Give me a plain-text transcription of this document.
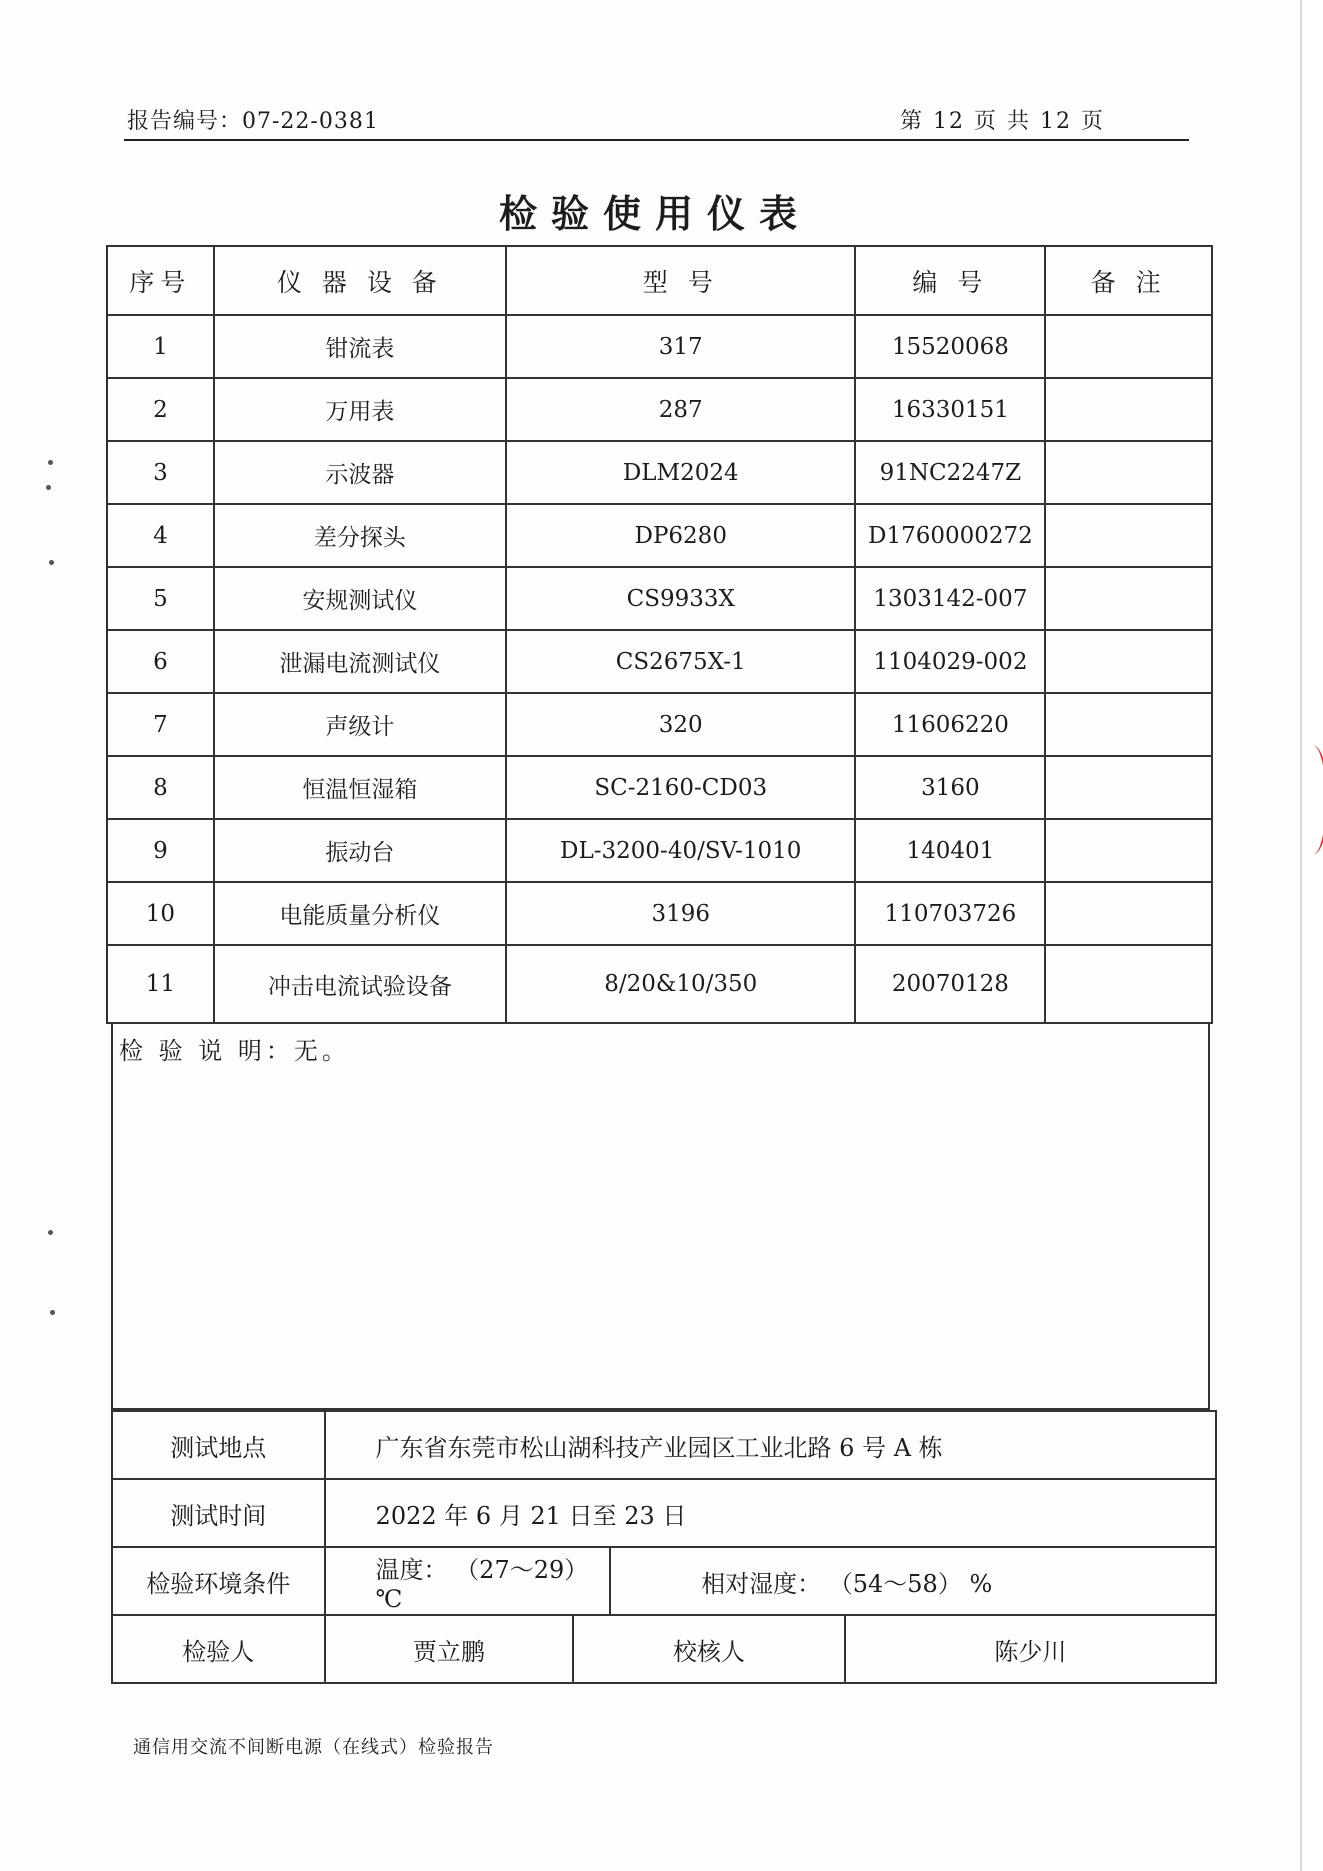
报告编号：07-22-0381	第 12 页 共 12 页
检验使用仪表
序号	仪 器 设 备	型 号	编 号	备 注
1	钳流表	317	15520068	
2	万用表	287	16330151	
3	示波器	DLM2024	91NC2247Z	
4	差分探头	DP6280	D1760000272	
5	安规测试仪	CS9933X	1303142-007	
6	泄漏电流测试仪	CS2675X-1	1104029-002	
7	声级计	320	11606220	
8	恒温恒湿箱	SC-2160-CD03	3160	
9	振动台	DL-3200-40/SV-1010	140401	
10	电能质量分析仪	3196	110703726	
11	冲击电流试验设备	8/20&10/350	20070128	
检 验 说 明：无。
测试地点	广东省东莞市松山湖科技产业园区工业北路 6 号 A 栋			
测试时间	2022 年 6 月 21 日至 23 日			
检验环境条件	温度： （27～29） ℃		相对湿度： （54～58） %	
检验人	贾立鹏	校核人		陈少川
通信用交流不间断电源（在线式）检验报告
